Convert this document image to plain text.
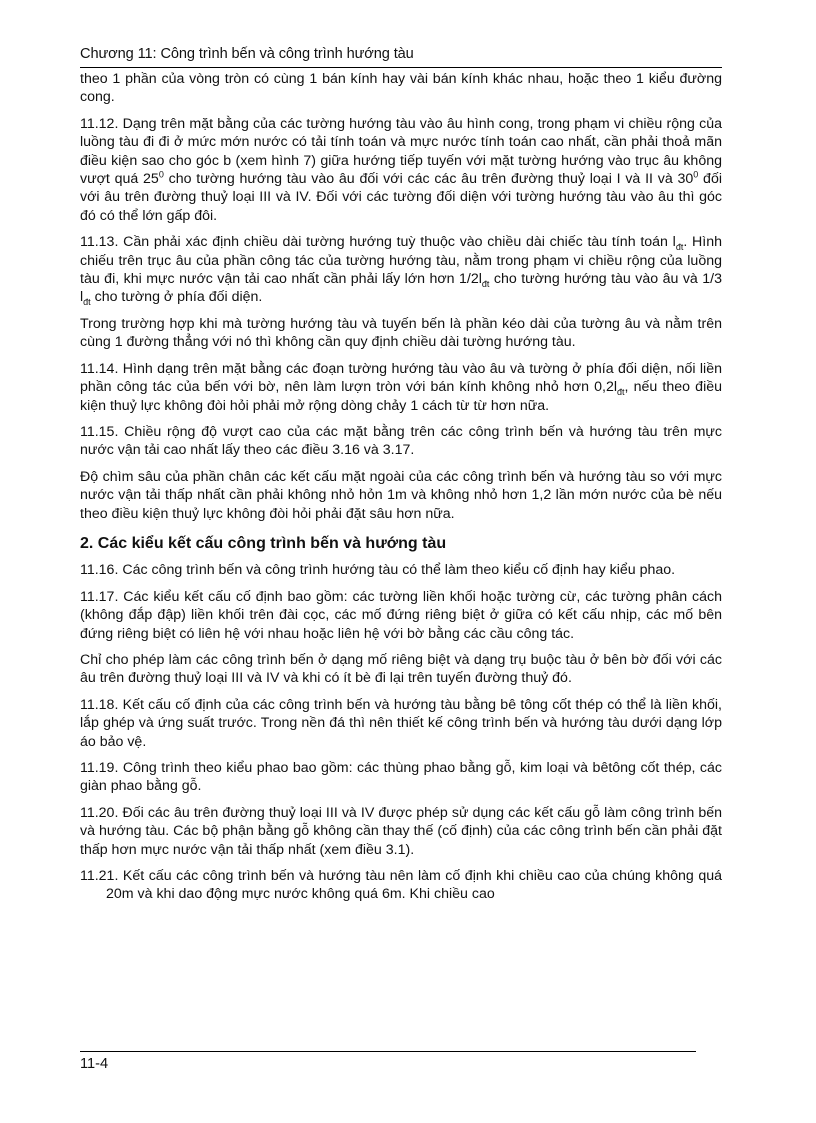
Chương 11: Công trình bến và công trình hướng tàu

theo 1 phần của vòng tròn có cùng 1 bán kính hay vài bán kính khác nhau, hoặc theo 1 kiểu đường cong.

11.12. Dạng trên mặt bằng của các tường hướng tàu vào âu hình cong, trong phạm vi chiều rộng của luồng tàu đi đi ở mức mớn nước có tải tính toán và mực nước tính toán cao nhất, cần phải thoả mãn điều kiện sao cho góc b (xem hình 7) giữa hướng tiếp tuyến với mặt tường hướng vào trục âu không vượt quá $25^0$ cho tường hướng tàu vào âu đối với các các âu trên đường thuỷ loại I và II và $30^0$ đối với âu trên đường thuỷ loại III và IV. Đối với các tường đối diện với tường hướng tàu vào âu thì góc đó có thể lớn gấp đôi.

11.13. Cần phải xác định chiều dài tường hướng tuỳ thuộc vào chiều dài chiếc tàu tính toán $l_{đt}$. Hình chiếu trên trục âu của phần công tác của tường hướng tàu, nằm trong phạm vi chiều rộng của luồng tàu đi, khi mực nước vận tải cao nhất cần phải lấy lớn hơn $1/2l_{đt}$ cho tường hướng tàu vào âu và 1/3 $l_{đt}$ cho tường ở phía đối diện.

Trong trường hợp khi mà tường hướng tàu và tuyến bến là phần kéo dài của tường âu và nằm trên cùng 1 đường thẳng với nó thì không cần quy định chiều dài tường hướng tàu.

11.14. Hình dạng trên mặt bằng các đoạn tường hướng tàu vào âu và tường ở phía đối diện, nối liền phần công tác của bến với bờ, nên làm lượn tròn với bán kính không nhỏ hơn $0,2l_{đt}$, nếu theo điều kiện thuỷ lực không đòi hỏi phải mở rộng dòng chảy 1 cách từ từ hơn nữa.

11.15. Chiều rộng độ vượt cao của các mặt bằng trên các công trình bến và hướng tàu trên mực nước vận tải cao nhất lấy theo các điều 3.16 và 3.17.

Độ chìm sâu của phần chân các kết cấu mặt ngoài của các công trình bến và hướng tàu so với mực nước vận tải thấp nhất cần phải không nhỏ hỏn 1m và không nhỏ hơn 1,2 lần mớn nước của bè nếu theo điều kiện thuỷ lực không đòi hỏi phải đặt sâu hơn nữa.

2. Các kiểu kết cấu công trình bến và hướng tàu

11.16. Các công trình bến và công trình hướng tàu có thể làm theo kiểu cố định hay kiểu phao.

11.17. Các kiểu kết cấu cố định bao gồm: các tường liền khối hoặc tường cừ, các tường phân cách (không đắp đập) liền khối trên đài cọc, các mố đứng riêng biệt ở giữa có kết cấu nhịp, các mố bên đứng riêng biệt có liên hệ với nhau hoặc liên hệ với bờ bằng các cầu công tác.

Chỉ cho phép làm các công trình bến ở dạng mố riêng biệt và dạng trụ buộc tàu ở bên bờ đối với các âu trên đường thuỷ loại III và IV và khi có ít bè đi lại trên tuyến đường thuỷ đó.

11.18. Kết cấu cố định của các công trình bến và hướng tàu bằng bê tông cốt thép có thể là liền khối, lắp ghép và ứng suất trước. Trong nền đá thì nên thiết kế công trình bến và hướng tàu dưới dạng lớp áo bảo vệ.

11.19. Công trình theo kiểu phao bao gồm: các thùng phao bằng gỗ, kim loại và bêtông cốt thép, các giàn phao bằng gỗ.

11.20. Đối các âu trên đường thuỷ loại III và IV được phép sử dụng các kết cấu gỗ làm công trình bến và hướng tàu. Các bộ phận bằng gỗ không cần thay thế (cố định) của các công trình bến cần phải đặt thấp hơn mực nước vận tải thấp nhất (xem điều 3.1).

11.21. Kết cấu các công trình bến và hướng tàu nên làm cố định khi chiều cao của chúng không quá 20m và khi dao động mực nước không quá 6m. Khi chiều cao

11-4
